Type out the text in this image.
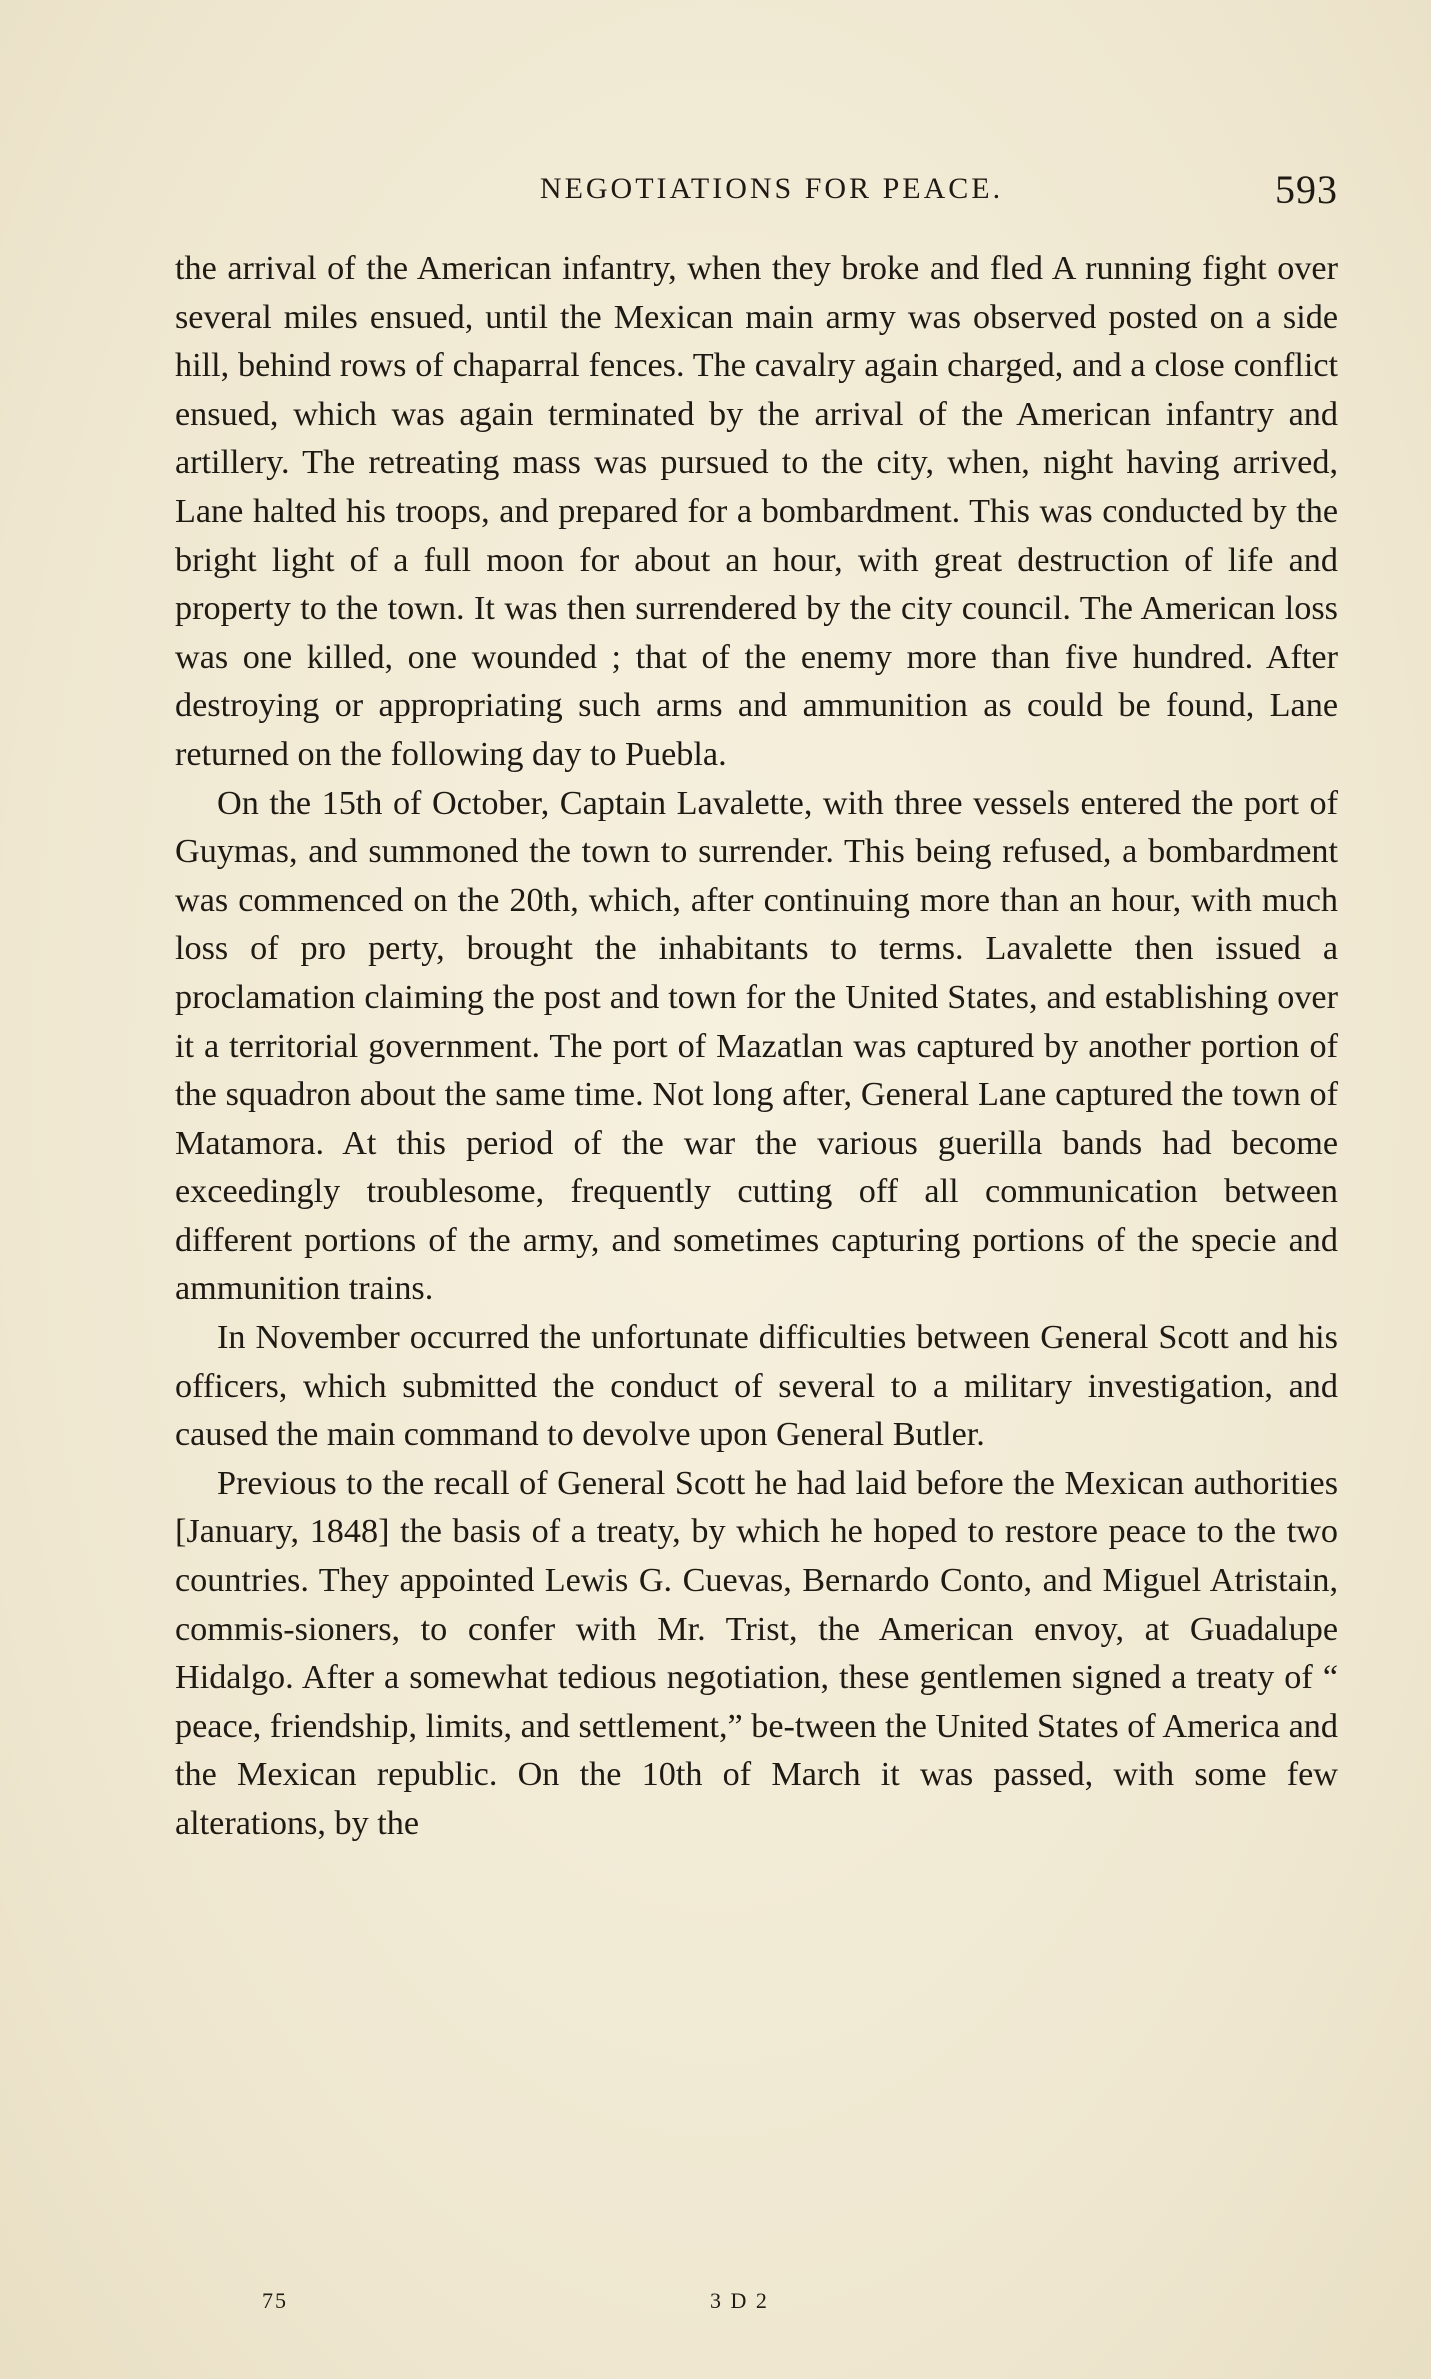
NEGOTIATIONS FOR PEACE.	593

the arrival of the American infantry, when they broke and fled A running fight over several miles ensued, until the Mexican main army was observed posted on a side hill, behind rows of chaparral fences. The cavalry again charged, and a close conflict ensued, which was again terminated by the arrival of the American infantry and artillery. The retreating mass was pursued to the city, when, night having arrived, Lane halted his troops, and prepared for a bombardment. This was conducted by the bright light of a full moon for about an hour, with great destruction of life and property to the town. It was then surrendered by the city council. The American loss was one killed, one wounded ; that of the enemy more than five hundred. After destroying or appropriating such arms and ammunition as could be found, Lane returned on the following day to Puebla.

On the 15th of October, Captain Lavalette, with three vessels entered the port of Guymas, and summoned the town to surrender. This being refused, a bombardment was commenced on the 20th, which, after continuing more than an hour, with much loss of pro perty, brought the inhabitants to terms. Lavalette then issued a proclamation claiming the post and town for the United States, and establishing over it a territorial government. The port of Mazatlan was captured by another portion of the squadron about the same time. Not long after, General Lane captured the town of Matamora. At this period of the war the various guerilla bands had become exceedingly troublesome, frequently cutting off all communication between different portions of the army, and sometimes capturing portions of the specie and ammunition trains.

In November occurred the unfortunate difficulties between General Scott and his officers, which submitted the conduct of several to a military investigation, and caused the main command to devolve upon General Butler.

Previous to the recall of General Scott he had laid before the Mexican authorities [January, 1848] the basis of a treaty, by which he hoped to restore peace to the two countries. They appointed Lewis G. Cuevas, Bernardo Conto, and Miguel Atristain, commis-sioners, to confer with Mr. Trist, the American envoy, at Guadalupe Hidalgo. After a somewhat tedious negotiation, these gentlemen signed a treaty of “ peace, friendship, limits, and settlement,” be-tween the United States of America and the Mexican republic. On the 10th of March it was passed, with some few alterations, by the

75	3 D 2
